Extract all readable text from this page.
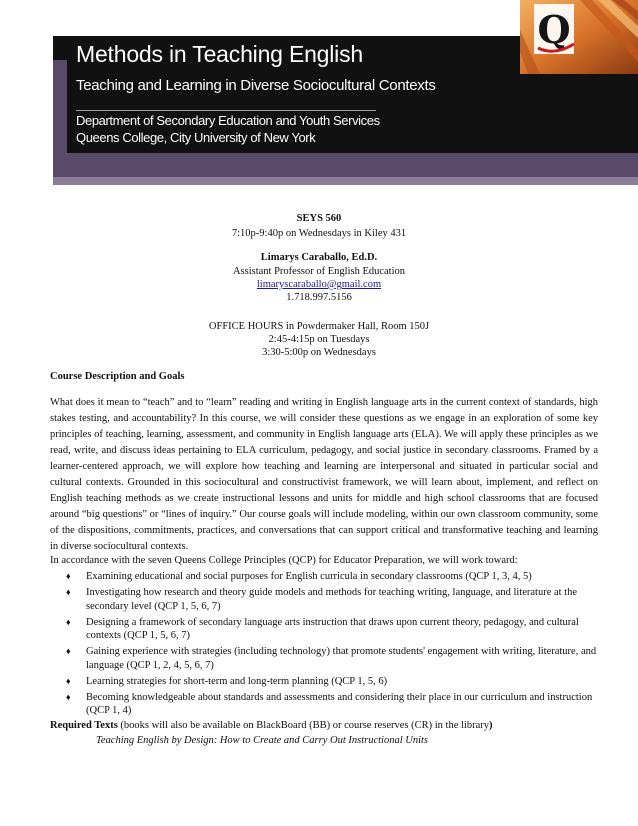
Q
Methods in Teaching English
Teaching and Learning in Diverse Sociocultural Contexts
Department of Secondary Education and Youth Services
Queens College, City University of New York
SEYS 560
7:10p-9:40p on Wednesdays in Kiley 431
Limarys Caraballo, Ed.D.
Assistant Professor of English Education
limaryscaraballo@gmail.com
1.718.997.5156
OFFICE HOURS in Powdermaker Hall, Room 150J
2:45-4:15p on Tuesdays
3:30-5:00p on Wednesdays
Course Description and Goals
What does it mean to “teach” and to “learn” reading and writing in English language arts in the current context of standards, high stakes testing, and accountability? In this course, we will consider these questions as we engage in an exploration of some key principles of teaching, learning, assessment, and community in English language arts (ELA). We will apply these principles as we read, write, and discuss ideas pertaining to ELA curriculum, pedagogy, and social justice in secondary classrooms. Framed by a learner-centered approach, we will explore how teaching and learning are interpersonal and situated in particular social and cultural contexts. Grounded in this sociocultural and constructivist framework, we will learn about, implement, and reflect on English teaching methods as we create instructional lessons and units for middle and high school classrooms that are focused around “big questions” or “lines of inquiry.” Our course goals will include modeling, within our own classroom community, some of the dispositions, commitments, practices, and conversations that can support critical and transformative teaching and learning in diverse sociocultural contexts.
In accordance with the seven Queens College Principles (QCP) for Educator Preparation, we will work toward:
♦ Examining educational and social purposes for English curricula in secondary classrooms (QCP 1, 3, 4, 5)
♦ Investigating how research and theory guide models and methods for teaching writing, language, and literature at the secondary level (QCP 1, 5, 6, 7)
♦ Designing a framework of secondary language arts instruction that draws upon current theory, pedagogy, and cultural contexts (QCP 1, 5, 6, 7)
♦ Gaining experience with strategies (including technology) that promote students' engagement with writing, literature, and language (QCP 1, 2, 4, 5, 6, 7)
♦ Learning strategies for short-term and long-term planning (QCP 1, 5, 6)
♦ Becoming knowledgeable about standards and assessments and considering their place in our curriculum and instruction (QCP 1, 4)
Required Texts (books will also be available on BlackBoard (BB) or course reserves (CR) in the library)
Teaching English by Design: How to Create and Carry Out Instructional Units
